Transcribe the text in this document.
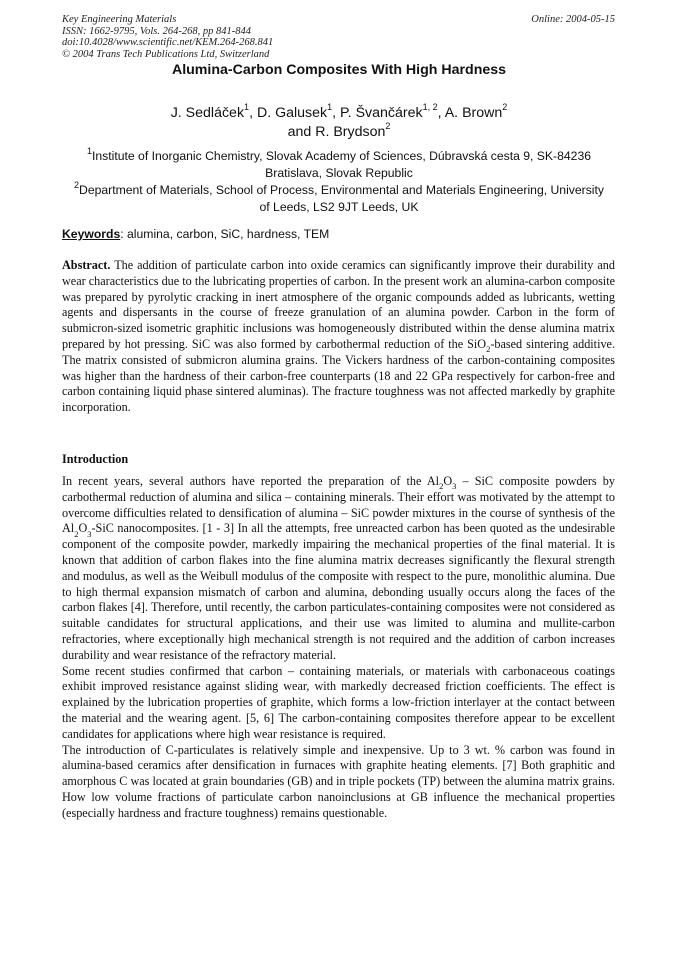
Key Engineering Materials
ISSN: 1662-9795, Vols. 264-268, pp 841-844
doi:10.4028/www.scientific.net/KEM.264-268.841
© 2004 Trans Tech Publications Ltd, Switzerland
Online: 2004-05-15
Alumina-Carbon Composites With High Hardness
J. Sedláček$^1$, D. Galusek$^1$, P. Švančárek$^{1, 2}$, A. Brown$^2$
and R. Brydson$^2$
$^1$Institute of Inorganic Chemistry, Slovak Academy of Sciences, Dúbravská cesta 9, SK-84236
Bratislava, Slovak Republic
$^2$Department of Materials, School of Process, Environmental and Materials Engineering, University
of Leeds, LS2 9JT Leeds, UK
Keywords: alumina, carbon, SiC, hardness, TEM

Abstract. The addition of particulate carbon into oxide ceramics can significantly improve their durability and wear characteristics due to the lubricating properties of carbon. In the present work an alumina-carbon composite was prepared by pyrolytic cracking in inert atmosphere of the organic compounds added as lubricants, wetting agents and dispersants in the course of freeze granulation of an alumina powder. Carbon in the form of submicron-sized isometric graphitic inclusions was homogeneously distributed within the dense alumina matrix prepared by hot pressing. SiC was also formed by carbothermal reduction of the SiO$_2$-based sintering additive. The matrix consisted of submicron alumina grains. The Vickers hardness of the carbon-containing composites was higher than the hardness of their carbon-free counterparts (18 and 22 GPa respectively for carbon-free and carbon containing liquid phase sintered aluminas). The fracture toughness was not affected markedly by graphite incorporation.

Introduction

In recent years, several authors have reported the preparation of the $Al_2O_3$ – SiC composite powders by carbothermal reduction of alumina and silica – containing minerals. Their effort was motivated by the attempt to overcome difficulties related to densification of alumina – SiC powder mixtures in the course of synthesis of the $Al_2O_3$-SiC nanocomposites. [1 - 3] In all the attempts, free unreacted carbon has been quoted as the undesirable component of the composite powder, markedly impairing the mechanical properties of the final material. It is known that addition of carbon flakes into the fine alumina matrix decreases significantly the flexural strength and modulus, as well as the Weibull modulus of the composite with respect to the pure, monolithic alumina. Due to high thermal expansion mismatch of carbon and alumina, debonding usually occurs along the faces of the carbon flakes [4]. Therefore, until recently, the carbon particulates-containing composites were not considered as suitable candidates for structural applications, and their use was limited to alumina and mullite-carbon refractories, where exceptionally high mechanical strength is not required and the addition of carbon increases durability and wear resistance of the refractory material.

Some recent studies confirmed that carbon – containing materials, or materials with carbonaceous coatings exhibit improved resistance against sliding wear, with markedly decreased friction coefficients. The effect is explained by the lubrication properties of graphite, which forms a low-friction interlayer at the contact between the material and the wearing agent. [5, 6] The carbon-containing composites therefore appear to be excellent candidates for applications where high wear resistance is required.

The introduction of C-particulates is relatively simple and inexpensive. Up to 3 wt. % carbon was found in alumina-based ceramics after densification in furnaces with graphite heating elements. [7] Both graphitic and amorphous C was located at grain boundaries (GB) and in triple pockets (TP) between the alumina matrix grains. How low volume fractions of particulate carbon nanoinclusions at GB influence the mechanical properties (especially hardness and fracture toughness) remains questionable.
